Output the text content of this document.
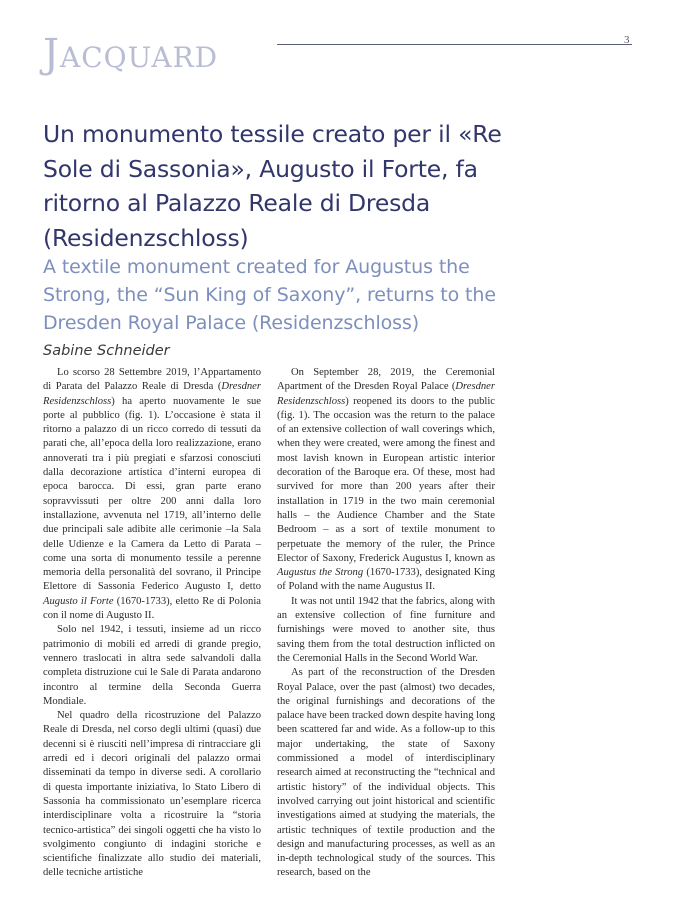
Jacquard	3
Un monumento tessile creato per il «Re Sole di Sassonia», Augusto il Forte, fa ritorno al Palazzo Reale di Dresda (Residenzschloss)
A textile monument created for Augustus the Strong, the “Sun King of Saxony”, returns to the Dresden Royal Palace (Residenzschloss)
Sabine Schneider

Lo scorso 28 Settembre 2019, l’Appartamento di Parata del Palazzo Reale di Dresda (Dresdner Residenzschloss) ha aperto nuovamente le sue porte al pubblico (fig. 1). L’occasione è stata il ritorno a palazzo di un ricco corredo di tessuti da parati che, all’epoca della loro realizzazione, erano annoverati tra i più pregiati e sfarzosi conosciuti dalla decorazione artistica d’interni europea di epoca barocca. Di essi, gran parte erano sopravvissuti per oltre 200 anni dalla loro installazione, avvenuta nel 1719, all’interno delle due principali sale adibite alle cerimonie –la Sala delle Udienze e la Camera da Letto di Parata – come una sorta di monumento tessile a perenne memoria della personalità del sovrano, il Principe Elettore di Sassonia Federico Augusto I, detto Augusto il Forte (1670-1733), eletto Re di Polonia con il nome di Augusto II.

Solo nel 1942, i tessuti, insieme ad un ricco patrimonio di mobili ed arredi di grande pregio, vennero traslocati in altra sede salvandoli dalla completa distruzione cui le Sale di Parata andarono incontro al termine della Seconda Guerra Mondiale.

Nel quadro della ricostruzione del Palazzo Reale di Dresda, nel corso degli ultimi (quasi) due decenni si è riusciti nell’impresa di rintracciare gli arredi ed i decori originali del palazzo ormai disseminati da tempo in diverse sedi. A corollario di questa importante iniziativa, lo Stato Libero di Sassonia ha commissionato un’esemplare ricerca interdisciplinare volta a ricostruire la “storia tecnico-artistica” dei singoli oggetti che ha visto lo svolgimento congiunto di indagini storiche e scientifiche finalizzate allo studio dei materiali, delle tecniche artistiche

On September 28, 2019, the Ceremonial Apartment of the Dresden Royal Palace (Dresdner Residenzschloss) reopened its doors to the public (fig. 1). The occasion was the return to the palace of an extensive collection of wall coverings which, when they were created, were among the finest and most lavish known in European artistic interior decoration of the Baroque era. Of these, most had survived for more than 200 years after their installation in 1719 in the two main ceremonial halls – the Audience Chamber and the State Bedroom – as a sort of textile monument to perpetuate the memory of the ruler, the Prince Elector of Saxony, Frederick Augustus I, known as Augustus the Strong (1670-1733), designated King of Poland with the name Augustus II.

It was not until 1942 that the fabrics, along with an extensive collection of fine furniture and furnishings were moved to another site, thus saving them from the total destruction inflicted on the Ceremonial Halls in the Second World War.

As part of the reconstruction of the Dresden Royal Palace, over the past (almost) two decades, the original furnishings and decorations of the palace have been tracked down despite having long been scattered far and wide. As a follow-up to this major undertaking, the state of Saxony commissioned a model of interdisciplinary research aimed at reconstructing the “technical and artistic history” of the individual objects. This involved carrying out joint historical and scientific investigations aimed at studying the materials, the artistic techniques of textile production and the design and manufacturing processes, as well as an in-depth technological study of the sources. This research, based on the
